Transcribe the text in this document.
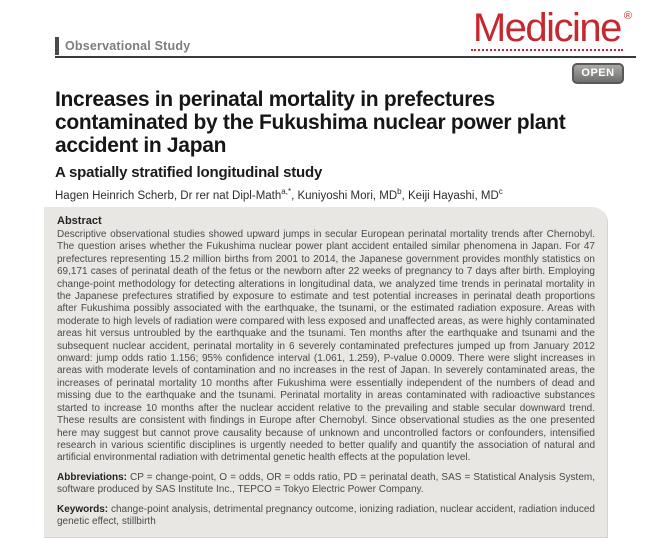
Observational Study	Medicine ®
OPEN
Increases in perinatal mortality in prefectures contaminated by the Fukushima nuclear power plant accident in Japan
A spatially stratified longitudinal study

Hagen Heinrich Scherb, Dr rer nat Dipl-Math$^{a,*}$, Kuniyoshi Mori, $MD^b$, Keiji Hayashi, $MD^c$

Abstract

Descriptive observational studies showed upward jumps in secular European perinatal mortality trends after Chernobyl. The question arises whether the Fukushima nuclear power plant accident entailed similar phenomena in Japan. For 47 prefectures representing 15.2 million births from 2001 to 2014, the Japanese government provides monthly statistics on 69,171 cases of perinatal death of the fetus or the newborn after 22 weeks of pregnancy to 7 days after birth. Employing change-point methodology for detecting alterations in longitudinal data, we analyzed time trends in perinatal mortality in the Japanese prefectures stratified by exposure to estimate and test potential increases in perinatal death proportions after Fukushima possibly associated with the earthquake, the tsunami, or the estimated radiation exposure. Areas with moderate to high levels of radiation were compared with less exposed and unaffected areas, as were highly contaminated areas hit versus untroubled by the earthquake and the tsunami. Ten months after the earthquake and tsunami and the subsequent nuclear accident, perinatal mortality in 6 severely contaminated prefectures jumped up from January 2012 onward: jump odds ratio 1.156; 95% confidence interval (1.061, 1.259), P-value 0.0009. There were slight increases in areas with moderate levels of contamination and no increases in the rest of Japan. In severely contaminated areas, the increases of perinatal mortality 10 months after Fukushima were essentially independent of the numbers of dead and missing due to the earthquake and the tsunami. Perinatal mortality in areas contaminated with radioactive substances started to increase 10 months after the nuclear accident relative to the prevailing and stable secular downward trend. These results are consistent with findings in Europe after Chernobyl. Since observational studies as the one presented here may suggest but cannot prove causality because of unknown and uncontrolled factors or confounders, intensified research in various scientific disciplines is urgently needed to better qualify and quantify the association of natural and artificial environmental radiation with detrimental genetic health effects at the population level.

Abbreviations: CP = change-point, O = odds, OR = odds ratio, PD = perinatal death, SAS = Statistical Analysis System, software produced by SAS Institute Inc., TEPCO = Tokyo Electric Power Company.

Keywords: change-point analysis, detrimental pregnancy outcome, ionizing radiation, nuclear accident, radiation induced genetic effect, stillbirth
